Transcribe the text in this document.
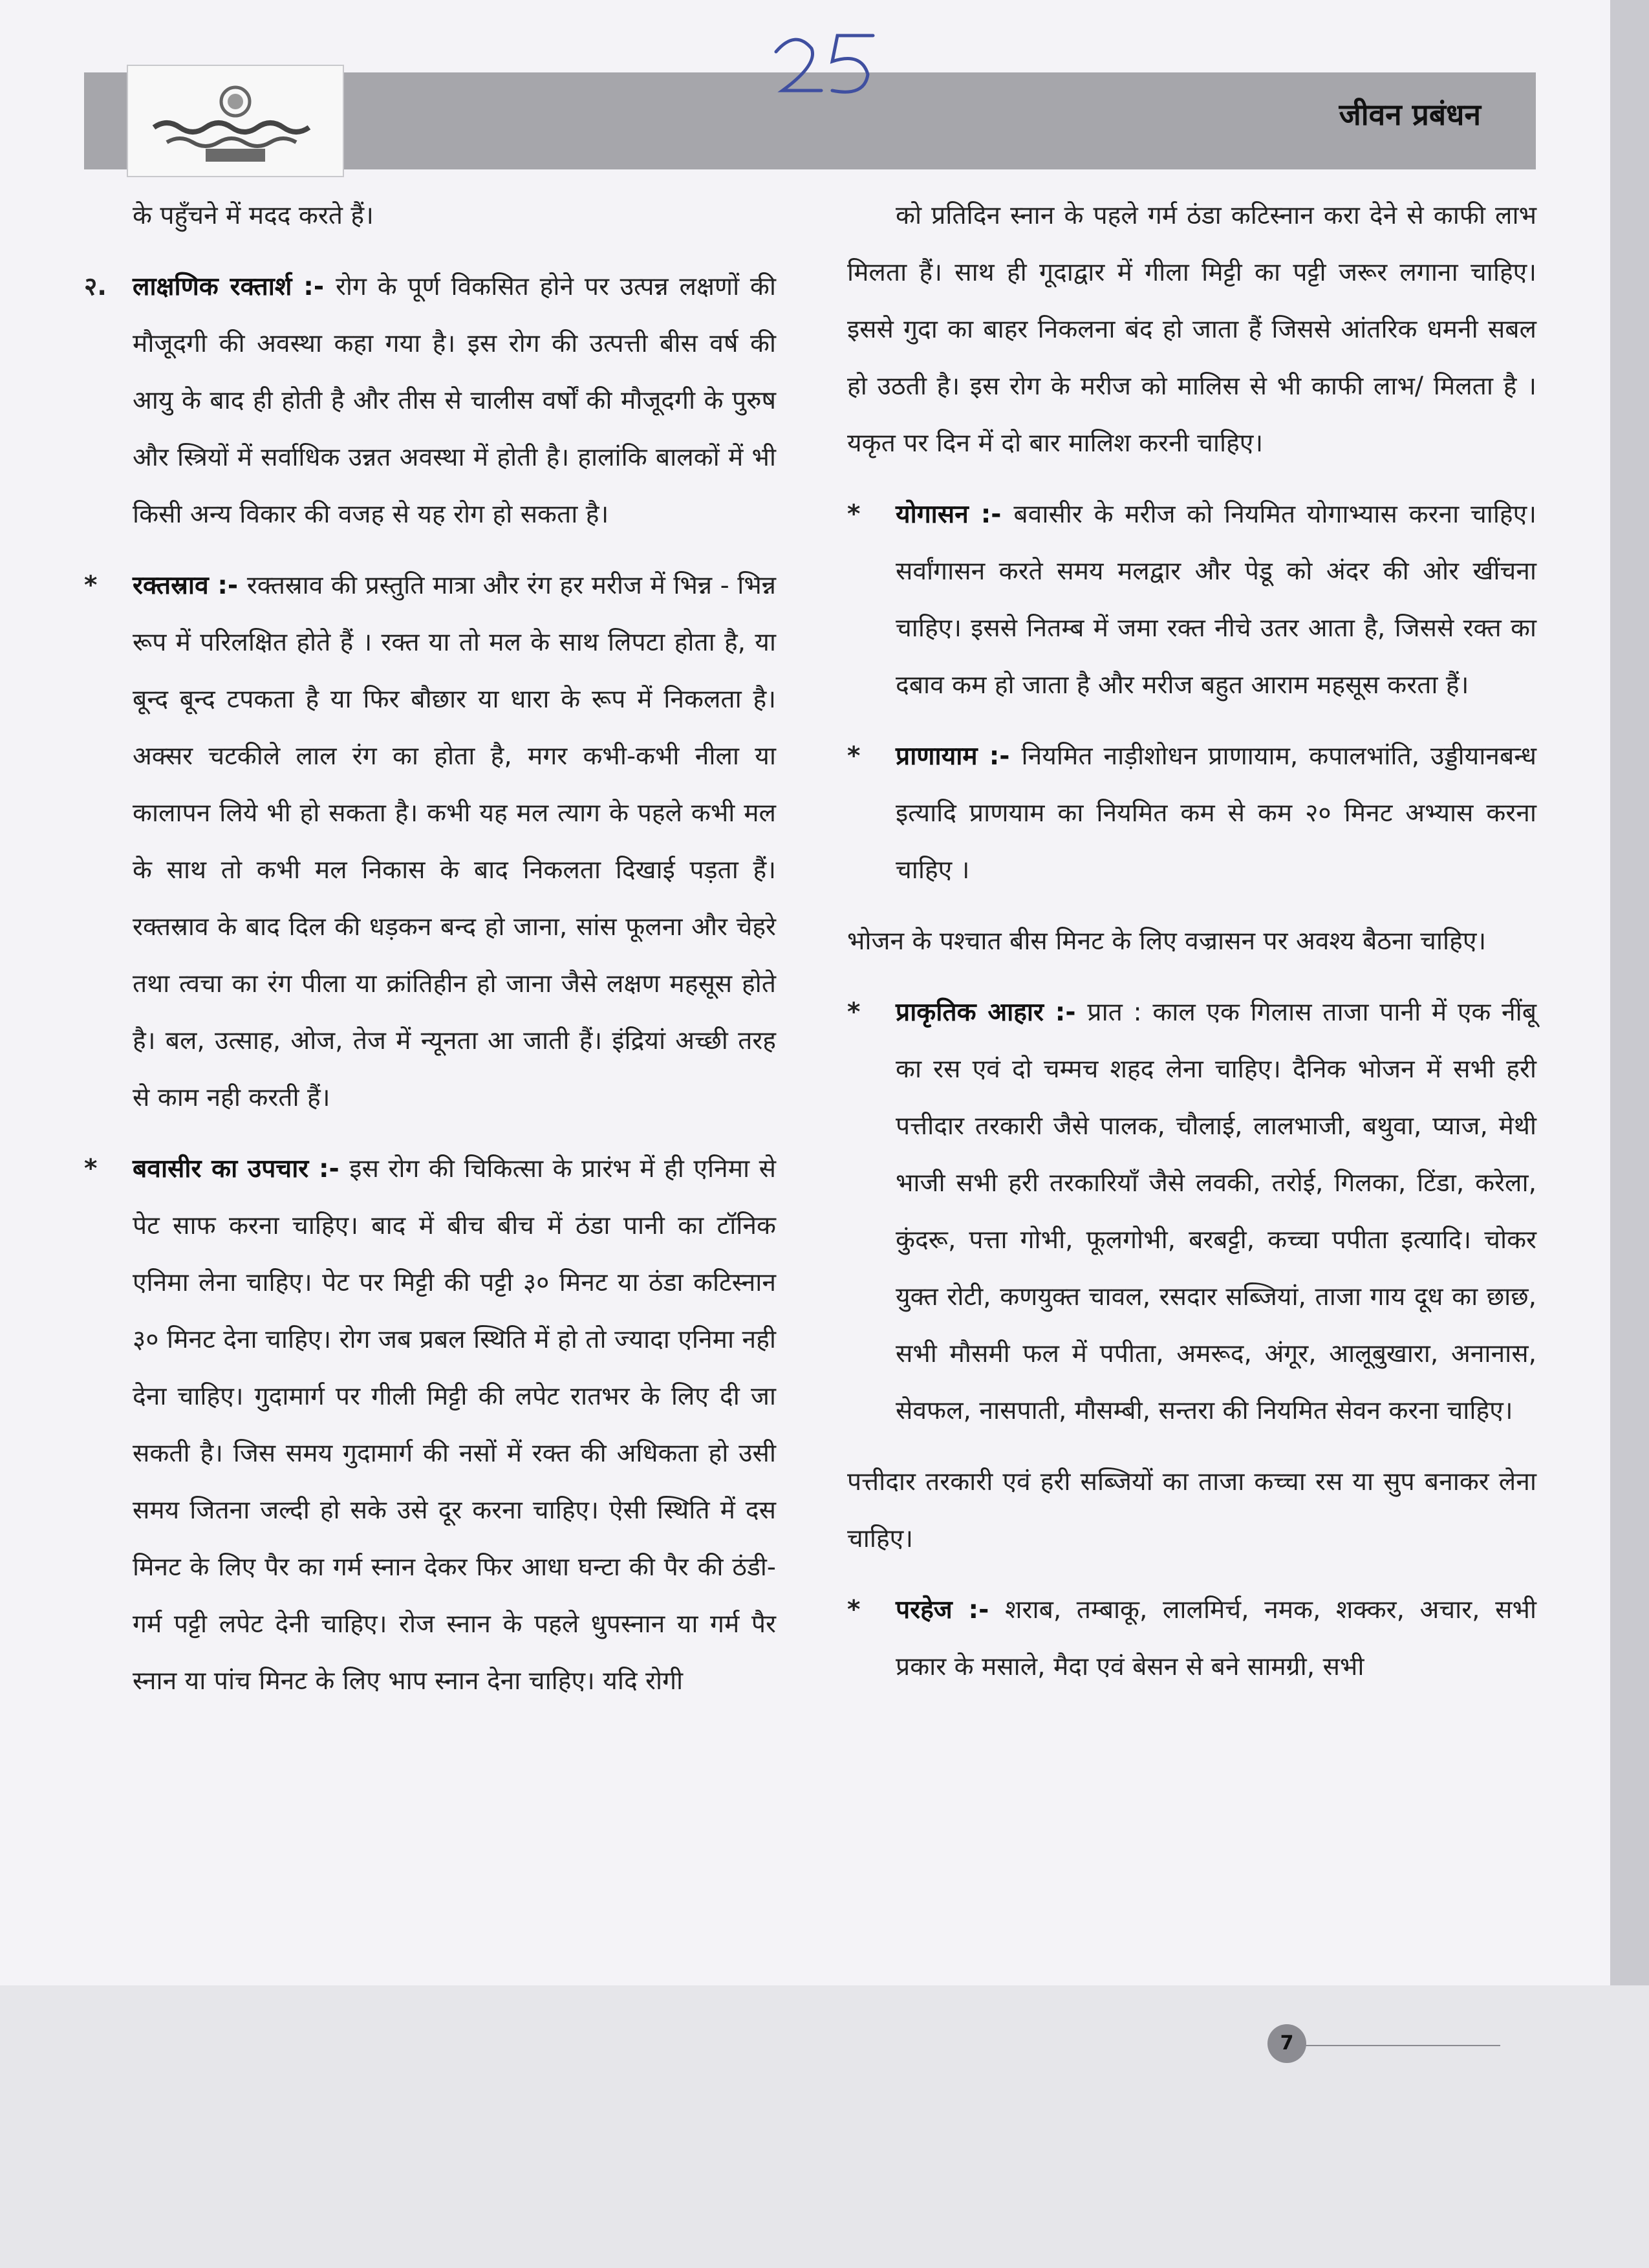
जीवन प्रबंधन

के पहुँचने में मदद करते हैं।

२. लाक्षणिक रक्तार्श :- रोग के पूर्ण विकसित होने पर उत्पन्न लक्षणों की मौजूदगी की अवस्था कहा गया है। इस रोग की उत्पत्ती बीस वर्ष की आयु के बाद ही होती है और तीस से चालीस वर्षों की मौजूदगी के पुरुष और स्त्रियों में सर्वाधिक उन्नत अवस्था में होती है। हालांकि बालकों में भी किसी अन्य विकार की वजह से यह रोग हो सकता है।
* रक्तस्राव :- रक्तस्राव की प्रस्तुति मात्रा और रंग हर मरीज में भिन्न - भिन्न रूप में परिलक्षित होते हैं । रक्त या तो मल के साथ लिपटा होता है, या बून्द बून्द टपकता है या फिर बौछार या धारा के रूप में निकलता है। अक्सर चटकीले लाल रंग का होता है, मगर कभी-कभी नीला या कालापन लिये भी हो सकता है। कभी यह मल त्याग के पहले कभी मल के साथ तो कभी मल निकास के बाद निकलता दिखाई पड़ता हैं। रक्तस्राव के बाद दिल की धड़कन बन्द हो जाना, सांस फूलना और चेहरे तथा त्वचा का रंग पीला या क्रांतिहीन हो जाना जैसे लक्षण महसूस होते है। बल, उत्साह, ओज, तेज में न्यूनता आ जाती हैं। इंद्रियां अच्छी तरह से काम नही करती हैं।
* बवासीर का उपचार :- इस रोग की चिकित्सा के प्रारंभ में ही एनिमा से पेट साफ करना चाहिए। बाद में बीच बीच में ठंडा पानी का टॉनिक एनिमा लेना चाहिए। पेट पर मिट्टी की पट्टी ३० मिनट या ठंडा कटिस्नान ३० मिनट देना चाहिए। रोग जब प्रबल स्थिति में हो तो ज्यादा एनिमा नही देना चाहिए। गुदामार्ग पर गीली मिट्टी की लपेट रातभर के लिए दी जा सकती है। जिस समय गुदामार्ग की नसों में रक्त की अधिकता हो उसी समय जितना जल्दी हो सके उसे दूर करना चाहिए। ऐसी स्थिति में दस मिनट के लिए पैर का गर्म स्नान देकर फिर आधा घन्टा की पैर की ठंडी-गर्म पट्टी लपेट देनी चाहिए। रोज स्नान के पहले धुपस्नान या गर्म पैर स्नान या पांच मिनट के लिए भाप स्नान देना चाहिए। यदि रोगी

को प्रतिदिन स्नान के पहले गर्म ठंडा कटिस्नान करा देने से काफी लाभ मिलता हैं। साथ ही गूदाद्वार में गीला मिट्टी का पट्टी जरूर लगाना चाहिए। इससे गुदा का बाहर निकलना बंद हो जाता हैं जिससे आंतरिक धमनी सबल हो उठती है। इस रोग के मरीज को मालिस से भी काफी लाभ/ मिलता है । यकृत पर दिन में दो बार मालिश करनी चाहिए।

* योगासन :- बवासीर के मरीज को नियमित योगाभ्यास करना चाहिए। सर्वांगासन करते समय मलद्वार और पेडू को अंदर की ओर खींचना चाहिए। इससे नितम्ब में जमा रक्त नीचे उतर आता है, जिससे रक्त का दबाव कम हो जाता है और मरीज बहुत आराम महसूस करता हैं।
* प्राणायाम :- नियमित नाड़ीशोधन प्राणायाम, कपालभांति, उड्डीयानबन्ध इत्यादि प्राणयाम का नियमित कम से कम २० मिनट अभ्यास करना चाहिए ।

भोजन के पश्चात बीस मिनट के लिए वज्रासन पर अवश्य बैठना चाहिए।

* प्राकृतिक आहार :- प्रात : काल एक गिलास ताजा पानी में एक नींबू का रस एवं दो चम्मच शहद लेना चाहिए। दैनिक भोजन में सभी हरी पत्तीदार तरकारी जैसे पालक, चौलाई, लालभाजी, बथुवा, प्याज, मेथी भाजी सभी हरी तरकारियाँ जैसे लवकी, तरोई, गिलका, टिंडा, करेला, कुंदरू, पत्ता गोभी, फूलगोभी, बरबट्टी, कच्चा पपीता इत्यादि। चोकर युक्त रोटी, कणयुक्त चावल, रसदार सब्जियां, ताजा गाय दूध का छाछ, सभी मौसमी फल में पपीता, अमरूद, अंगूर, आलूबुखारा, अनानास, सेवफल, नासपाती, मौसम्बी, सन्तरा की नियमित सेवन करना चाहिए।

पत्तीदार तरकारी एवं हरी सब्जियों का ताजा कच्चा रस या सुप बनाकर लेना चाहिए।

* परहेज :- शराब, तम्बाकू, लालमिर्च, नमक, शक्कर, अचार, सभी प्रकार के मसाले, मैदा एवं बेसन से बने सामग्री, सभी
7
